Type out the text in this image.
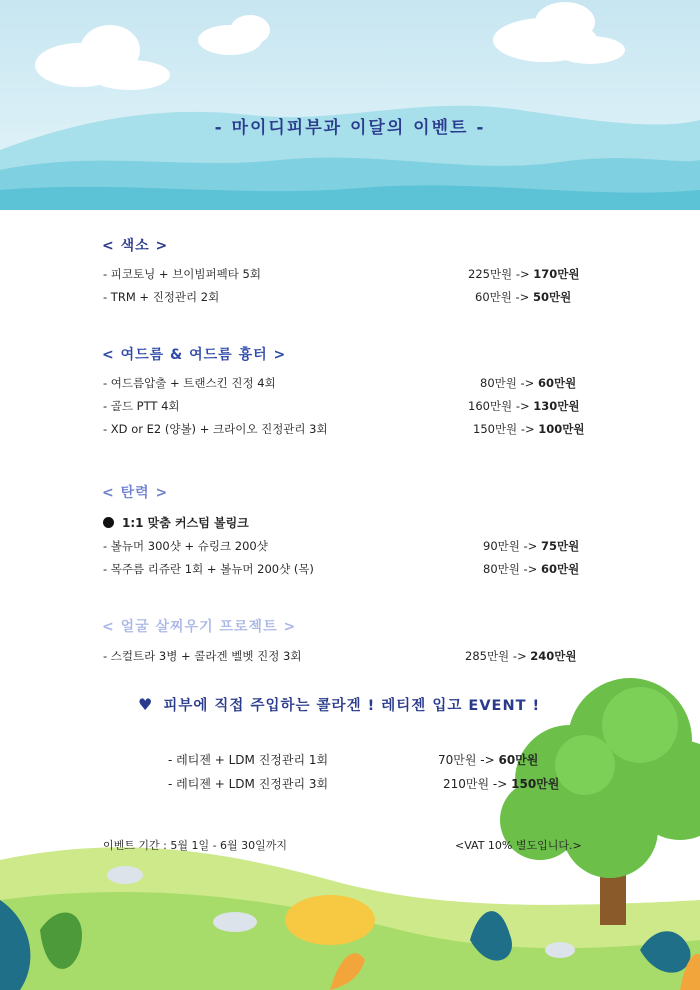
- 마이디피부과 이달의 이벤트 -
< 색소 >
- 피코토닝 + 브이빔퍼펙타 5회	225만원 -> 170만원
- TRM + 진정관리 2회	60만원 -> 50만원
< 여드름 & 여드름 흉터 >
- 여드름압출 + 트랜스킨 진정 4회	80만원 -> 60만원
- 골드 PTT 4회	160만원 -> 130만원
- XD or E2 (양볼) + 크라이오 진정관리 3회	150만원 -> 100만원
< 탄력 >
1:1 맞춤 커스텀 볼링크
- 볼뉴머 300샷 + 슈링크 200샷	90만원 -> 75만원
- 목주름 리쥬란 1회 + 볼뉴머 200샷 (목)	80만원 -> 60만원
< 얼굴 살찌우기 프로젝트 >
- 스컬트라 3병 + 콜라겐 벨벳 진정 3회	285만원 -> 240만원
♥ 피부에 직접 주입하는 콜라겐 ! 레티젠 입고 EVENT !
- 레티젠 + LDM 진정관리 1회	70만원 -> 60만원
- 레티젠 + LDM 진정관리 3회	210만원 -> 150만원
이벤트 기간 : 5월 1일 - 6월 30일까지	<VAT 10% 별도입니다.>
